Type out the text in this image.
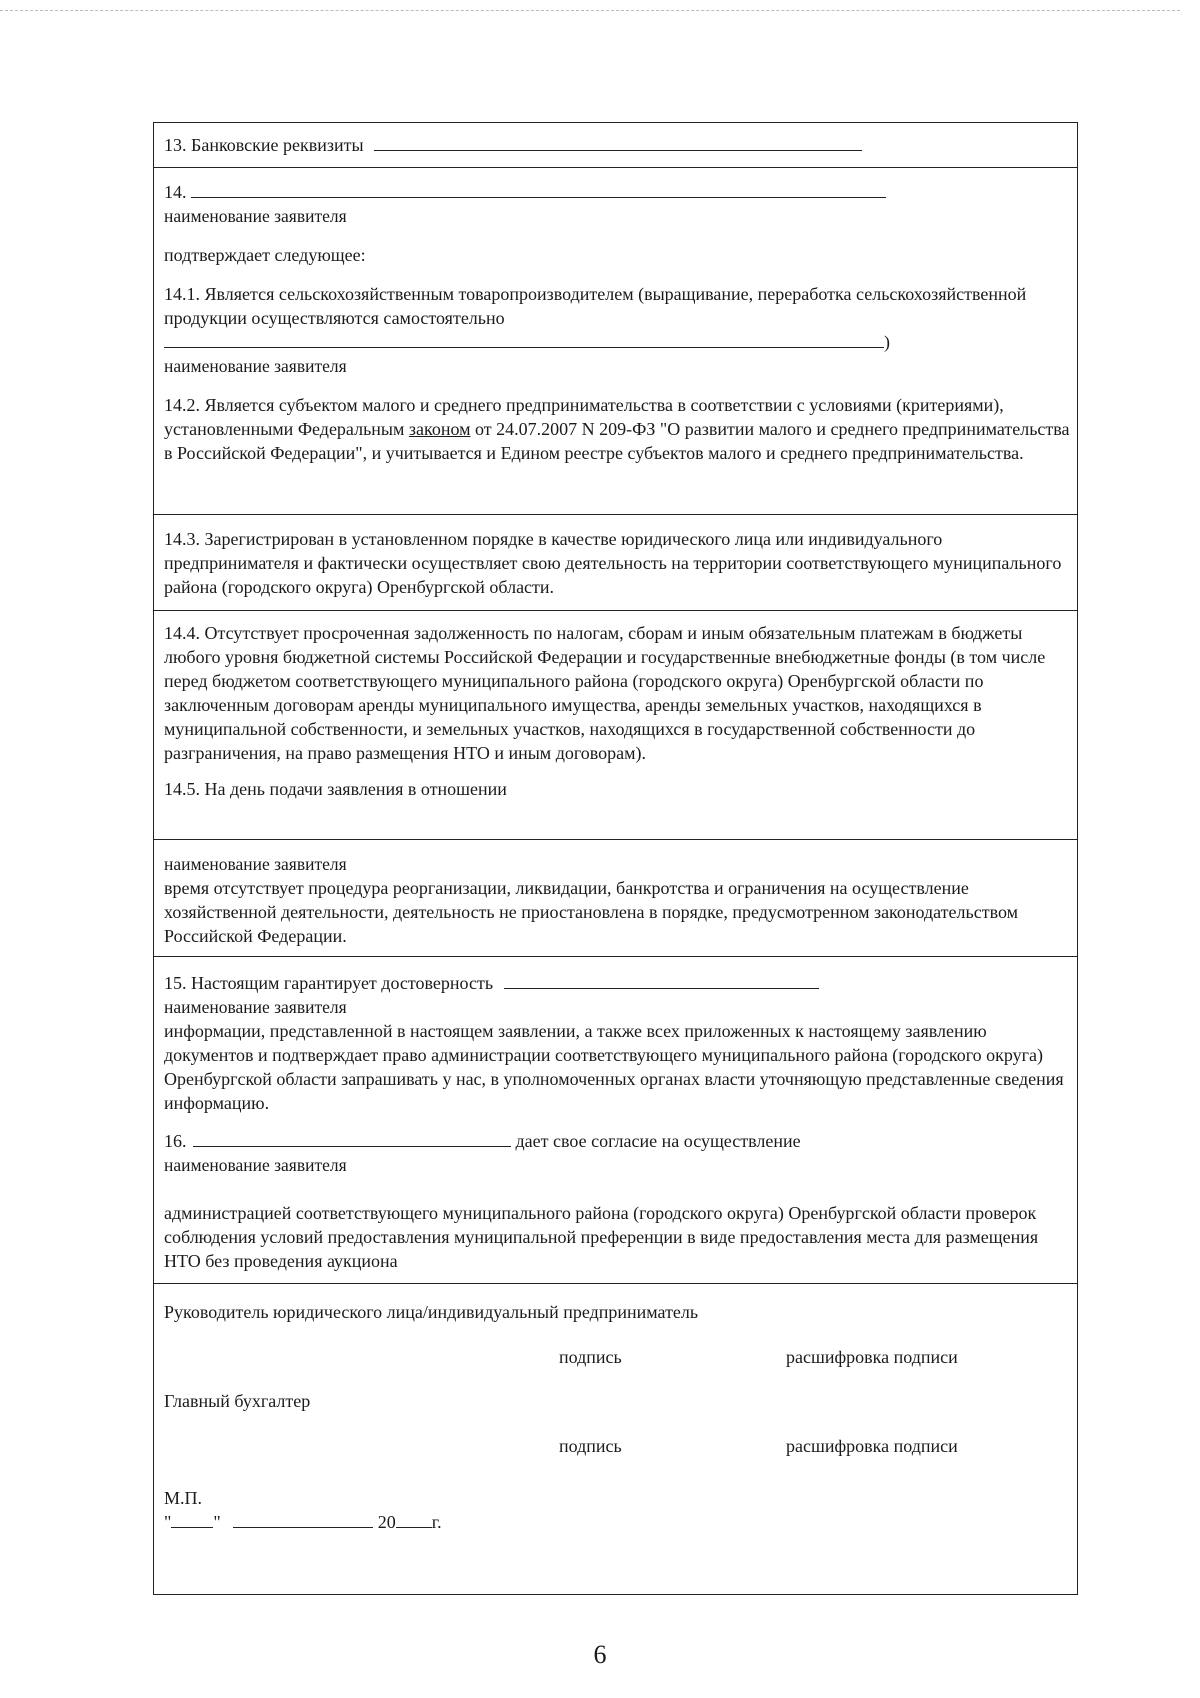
13. Банковские реквизиты
14.
наименование заявителя

подтверждает следующее:

14.1. Является сельскохозяйственным товаропроизводителем (выращивание, переработка сельскохозяйственной продукции осуществляются самостоятельно

)
наименование заявителя

14.2. Является субъектом малого и среднего предпринимательства в соответствии с условиями (критериями), установленными Федеральным законом от 24.07.2007 N 209-ФЗ "О развитии малого и среднего предпринимательства в Российской Федерации", и учитывается и Едином реестре субъектов малого и среднего предпринимательства.

14.3. Зарегистрирован в установленном порядке в качестве юридического лица или индивидуального предпринимателя и фактически осуществляет свою деятельность на территории соответствующего муниципального района (городского округа) Оренбургской области.

14.4. Отсутствует просроченная задолженность по налогам, сборам и иным обязательным платежам в бюджеты любого уровня бюджетной системы Российской Федерации и государственные внебюджетные фонды (в том числе перед бюджетом соответствующего муниципального района (городского округа) Оренбургской области по заключенным договорам аренды муниципального имущества, аренды земельных участков, находящихся в муниципальной собственности, и земельных участков, находящихся в государственной собственности до разграничения, на право размещения НТО и иным договорам).

14.5. На день подачи заявления в отношении

наименование заявителя

время отсутствует процедура реорганизации, ликвидации, банкротства и ограничения на осуществление хозяйственной деятельности, деятельность не приостановлена в порядке, предусмотренном законодательством Российской Федерации.

15. Настоящим гарантирует достоверность
наименование заявителя

информации, представленной в настоящем заявлении, а также всех приложенных к настоящему заявлению документов и подтверждает право администрации соответствующего муниципального района (городского округа) Оренбургской области запрашивать у нас, в уполномоченных органах власти уточняющую представленные сведения информацию.

16.	дает свое согласие на осуществление
наименование заявителя

администрацией соответствующего муниципального района (городского округа) Оренбургской области проверок соблюдения условий предоставления муниципальной преференции в виде предоставления места для размещения НТО без проведения аукциона

Руководитель юридического лица/индивидуальный предприниматель

подпись	расшифровка подписи

Главный бухгалтер

подпись	расшифровка подписи

М.П.

" "	20 г.
6
